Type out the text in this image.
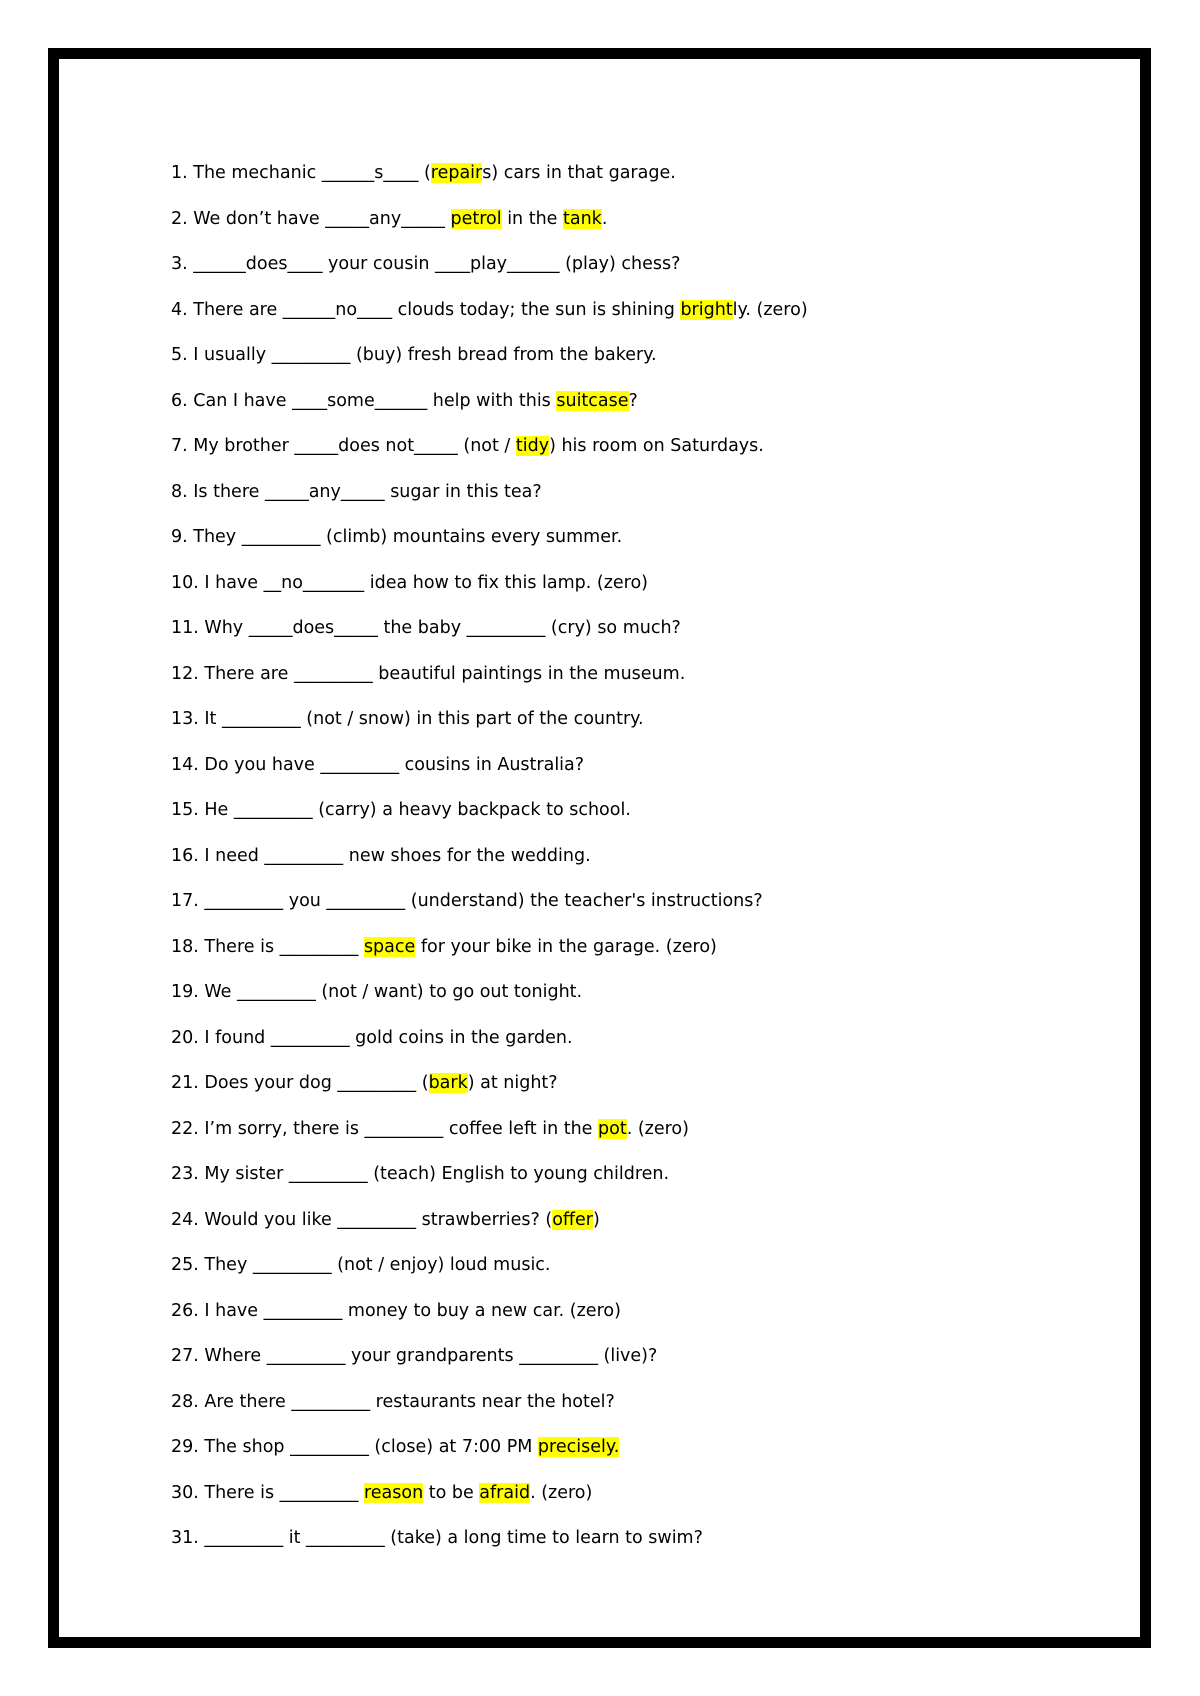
1. The mechanic ______s____ (repairs) cars in that garage.
2. We don’t have _____any_____ petrol in the tank.
3. ______does____ your cousin ____play______ (play) chess?
4. There are ______no____ clouds today; the sun is shining brightly. (zero)
5. I usually _________ (buy) fresh bread from the bakery.
6. Can I have ____some______ help with this suitcase?
7. My brother _____does not_____ (not / tidy) his room on Saturdays.
8. Is there _____any_____ sugar in this tea?
9. They _________ (climb) mountains every summer.
10. I have __no_______ idea how to fix this lamp. (zero)
11. Why _____does_____ the baby _________ (cry) so much?
12. There are _________ beautiful paintings in the museum.
13. It _________ (not / snow) in this part of the country.
14. Do you have _________ cousins in Australia?
15. He _________ (carry) a heavy backpack to school.
16. I need _________ new shoes for the wedding.
17. _________ you _________ (understand) the teacher's instructions?
18. There is _________ space for your bike in the garage. (zero)
19. We _________ (not / want) to go out tonight.
20. I found _________ gold coins in the garden.
21. Does your dog _________ (bark) at night?
22. I’m sorry, there is _________ coffee left in the pot. (zero)
23. My sister _________ (teach) English to young children.
24. Would you like _________ strawberries? (offer)
25. They _________ (not / enjoy) loud music.
26. I have _________ money to buy a new car. (zero)
27. Where _________ your grandparents _________ (live)?
28. Are there _________ restaurants near the hotel?
29. The shop _________ (close) at 7:00 PM precisely.
30. There is _________ reason to be afraid. (zero)
31. _________ it _________ (take) a long time to learn to swim?
